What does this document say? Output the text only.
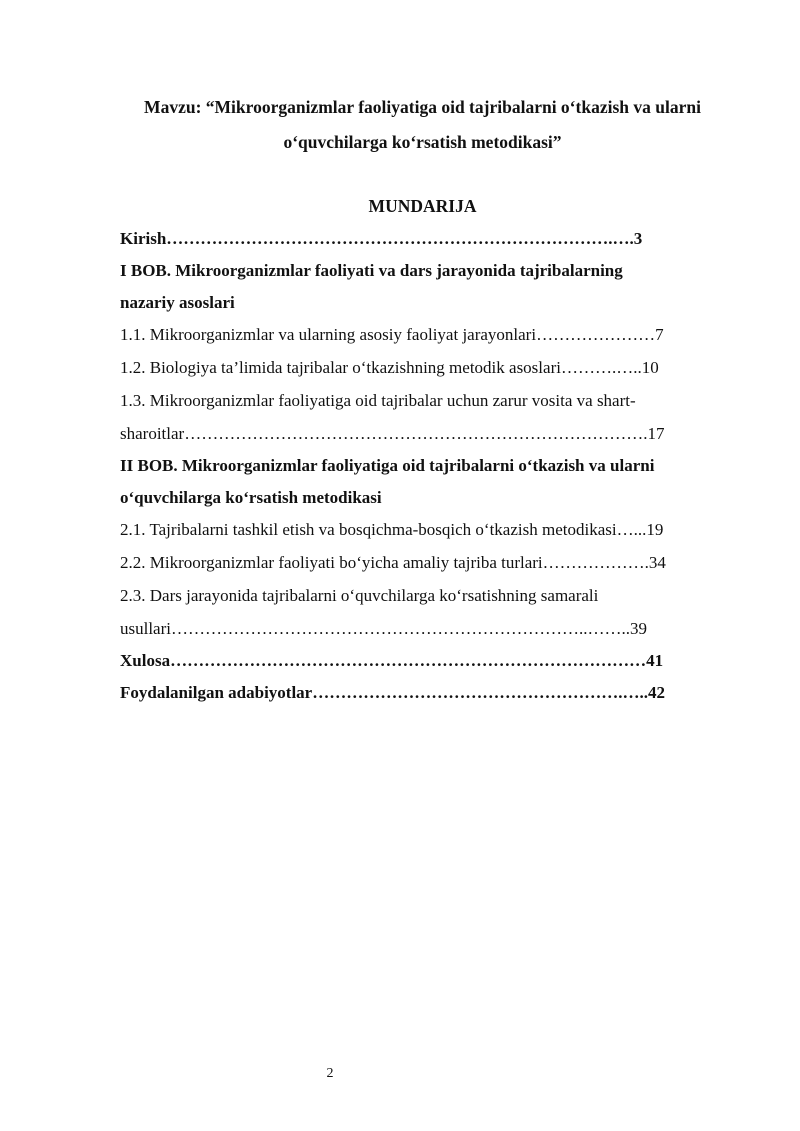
Mavzu: “Mikroorganizmlar faoliyatiga oid tajribalarni o‘tkazish va ularni
o‘quvchilarga ko‘rsatish metodikasi”
MUNDARIJA
Kirish…………………………………………………………………….….3
I BOB. Mikroorganizmlar faoliyati va dars jarayonida tajribalarning
nazariy asoslari
1.1. Mikroorganizmlar va ularning asosiy faoliyat jarayonlari…………………7
1.2. Biologiya ta’limida tajribalar o‘tkazishning metodik asoslari……….…..10
1.3. Mikroorganizmlar faoliyatiga oid tajribalar uchun zarur vosita va shart-
sharoitlar……………………………………………………………………….17
II BOB. Mikroorganizmlar faoliyatiga oid tajribalarni o‘tkazish va ularni
o‘quvchilarga ko‘rsatish metodikasi
2.1. Tajribalarni tashkil etish va bosqichma-bosqich o‘tkazish metodikasi…...19
2.2. Mikroorganizmlar faoliyati bo‘yicha amaliy tajriba turlari……………….34
2.3. Dars jarayonida tajribalarni o‘quvchilarga ko‘rsatishning samarali
usullari………………………………………………………………..……..39
Xulosa…………………………………………………………………………41
Foydalanilgan adabiyotlar……………………………………………….…..42
2
